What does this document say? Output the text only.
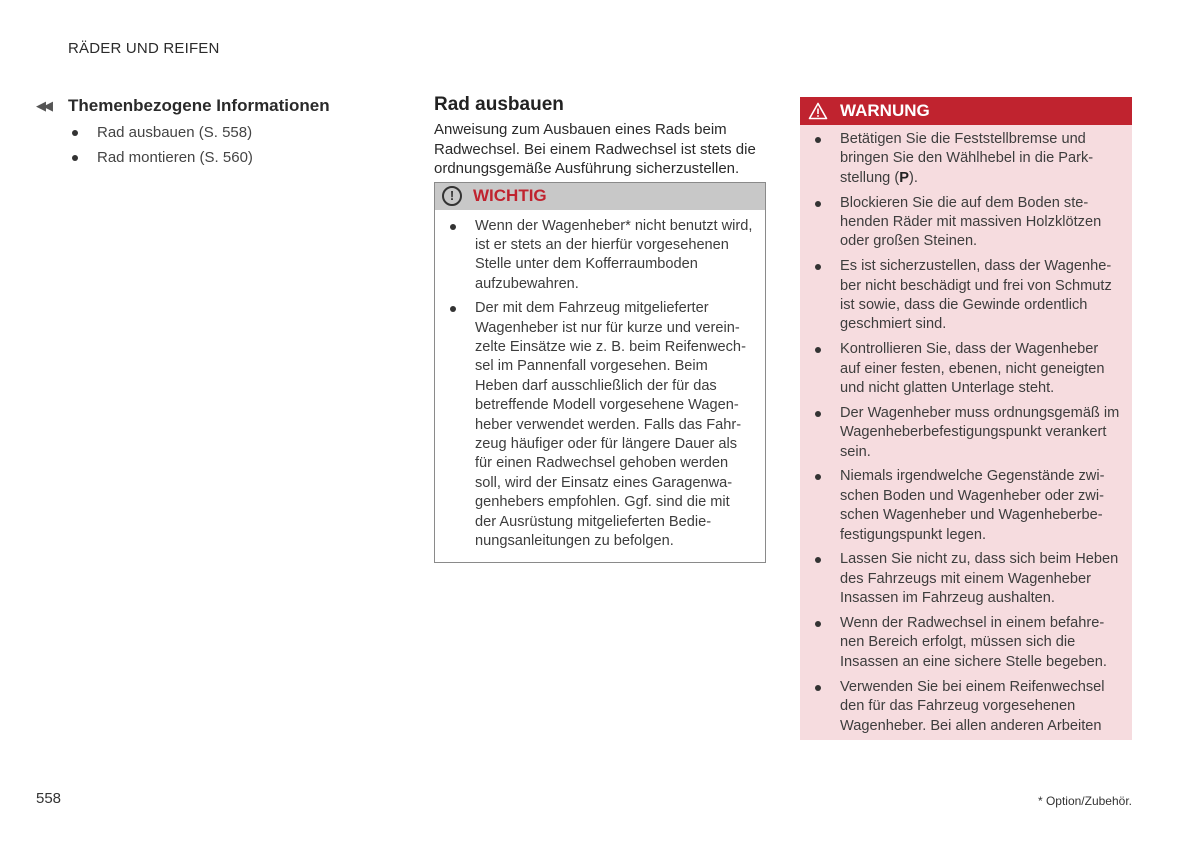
RÄDER UND REIFEN
◀◀	Themenbezogene Informationen
Rad ausbauen (S. 558)
Rad montieren (S. 560)
Rad ausbauen

Anweisung zum Ausbauen eines Rads beim Radwechsel. Bei einem Radwechsel ist stets die ordnungsgemäße Ausführung sicherzustellen.

!	WICHTIG
Wenn der Wagenheber* nicht benutzt wird, ist er stets an der hierfür vorgesehenen Stelle unter dem Kofferraumboden aufzubewahren.
Der mit dem Fahrzeug mitgelieferter Wagenheber ist nur für kurze und vereinzelte Einsätze wie z. B. beim Reifenwechsel im Pannenfall vorgesehen. Beim Heben darf ausschließlich der für das betreffende Modell vorgesehene Wagenheber verwendet werden. Falls das Fahrzeug häufiger oder für längere Dauer als für einen Radwechsel gehoben werden soll, wird der Einsatz eines Garagenwagenhebers empfohlen. Ggf. sind die mit der Ausrüstung mitgelieferten Bedienungsanleitungen zu befolgen.
WARNUNG
Betätigen Sie die Feststellbremse und bringen Sie den Wählhebel in die Parkstellung (P).
Blockieren Sie die auf dem Boden stehenden Räder mit massiven Holzklötzen oder großen Steinen.
Es ist sicherzustellen, dass der Wagenheber nicht beschädigt und frei von Schmutz ist sowie, dass die Gewinde ordentlich geschmiert sind.
Kontrollieren Sie, dass der Wagenheber auf einer festen, ebenen, nicht geneigten und nicht glatten Unterlage steht.
Der Wagenheber muss ordnungsgemäß im Wagenheberbefestigungspunkt verankert sein.
Niemals irgendwelche Gegenstände zwischen Boden und Wagenheber oder zwischen Wagenheber und Wagenheberbefestigungspunkt legen.
Lassen Sie nicht zu, dass sich beim Heben des Fahrzeugs mit einem Wagenheber Insassen im Fahrzeug aushalten.
Wenn der Radwechsel in einem befahrenen Bereich erfolgt, müssen sich die Insassen an eine sichere Stelle begeben.
Verwenden Sie bei einem Reifenwechsel den für das Fahrzeug vorgesehenen Wagenheber. Bei allen anderen Arbeiten
558	* Option/Zubehör.
